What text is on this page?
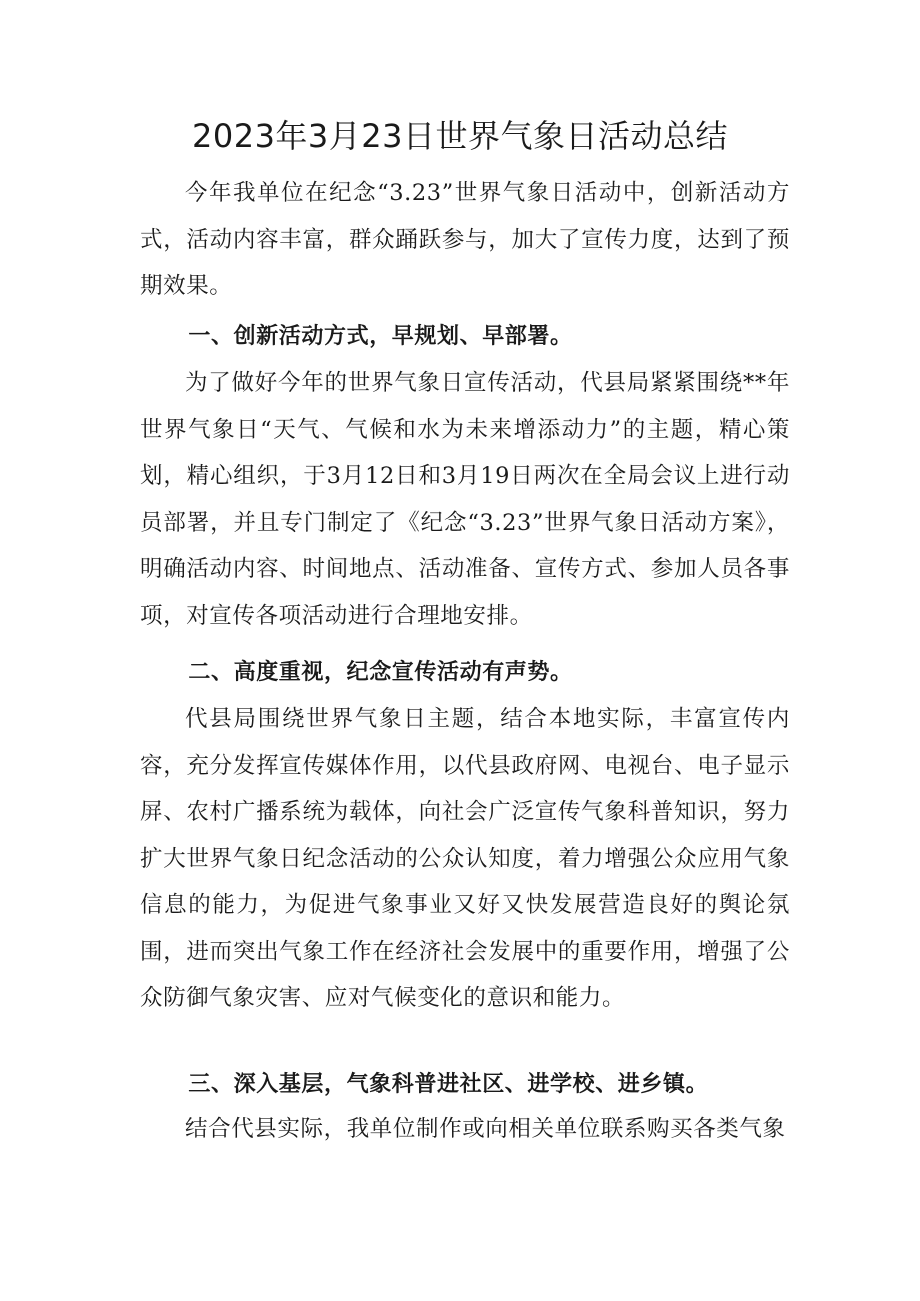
2023年3月23日世界气象日活动总结

今年我单位在纪念“3.23”世界气象日活动中，创新活动方式，活动内容丰富，群众踊跃参与，加大了宣传力度，达到了预期效果。

一、创新活动方式，早规划、早部署。

为了做好今年的世界气象日宣传活动，代县局紧紧围绕**年世界气象日“天气、气候和水为未来增添动力”的主题，精心策划，精心组织，于3月12日和3月19日两次在全局会议上进行动员部署，并且专门制定了《纪念“3.23”世界气象日活动方案》，明确活动内容、时间地点、活动准备、宣传方式、参加人员各事项，对宣传各项活动进行合理地安排。

二、高度重视，纪念宣传活动有声势。

代县局围绕世界气象日主题，结合本地实际，丰富宣传内容，充分发挥宣传媒体作用，以代县政府网、电视台、电子显示屏、农村广播系统为载体，向社会广泛宣传气象科普知识，努力扩大世界气象日纪念活动的公众认知度，着力增强公众应用气象信息的能力，为促进气象事业又好又快发展营造良好的舆论氛围，进而突出气象工作在经济社会发展中的重要作用，增强了公众防御气象灾害、应对气候变化的意识和能力。

三、深入基层，气象科普进社区、进学校、进乡镇。

结合代县实际，我单位制作或向相关单位联系购买各类气象
